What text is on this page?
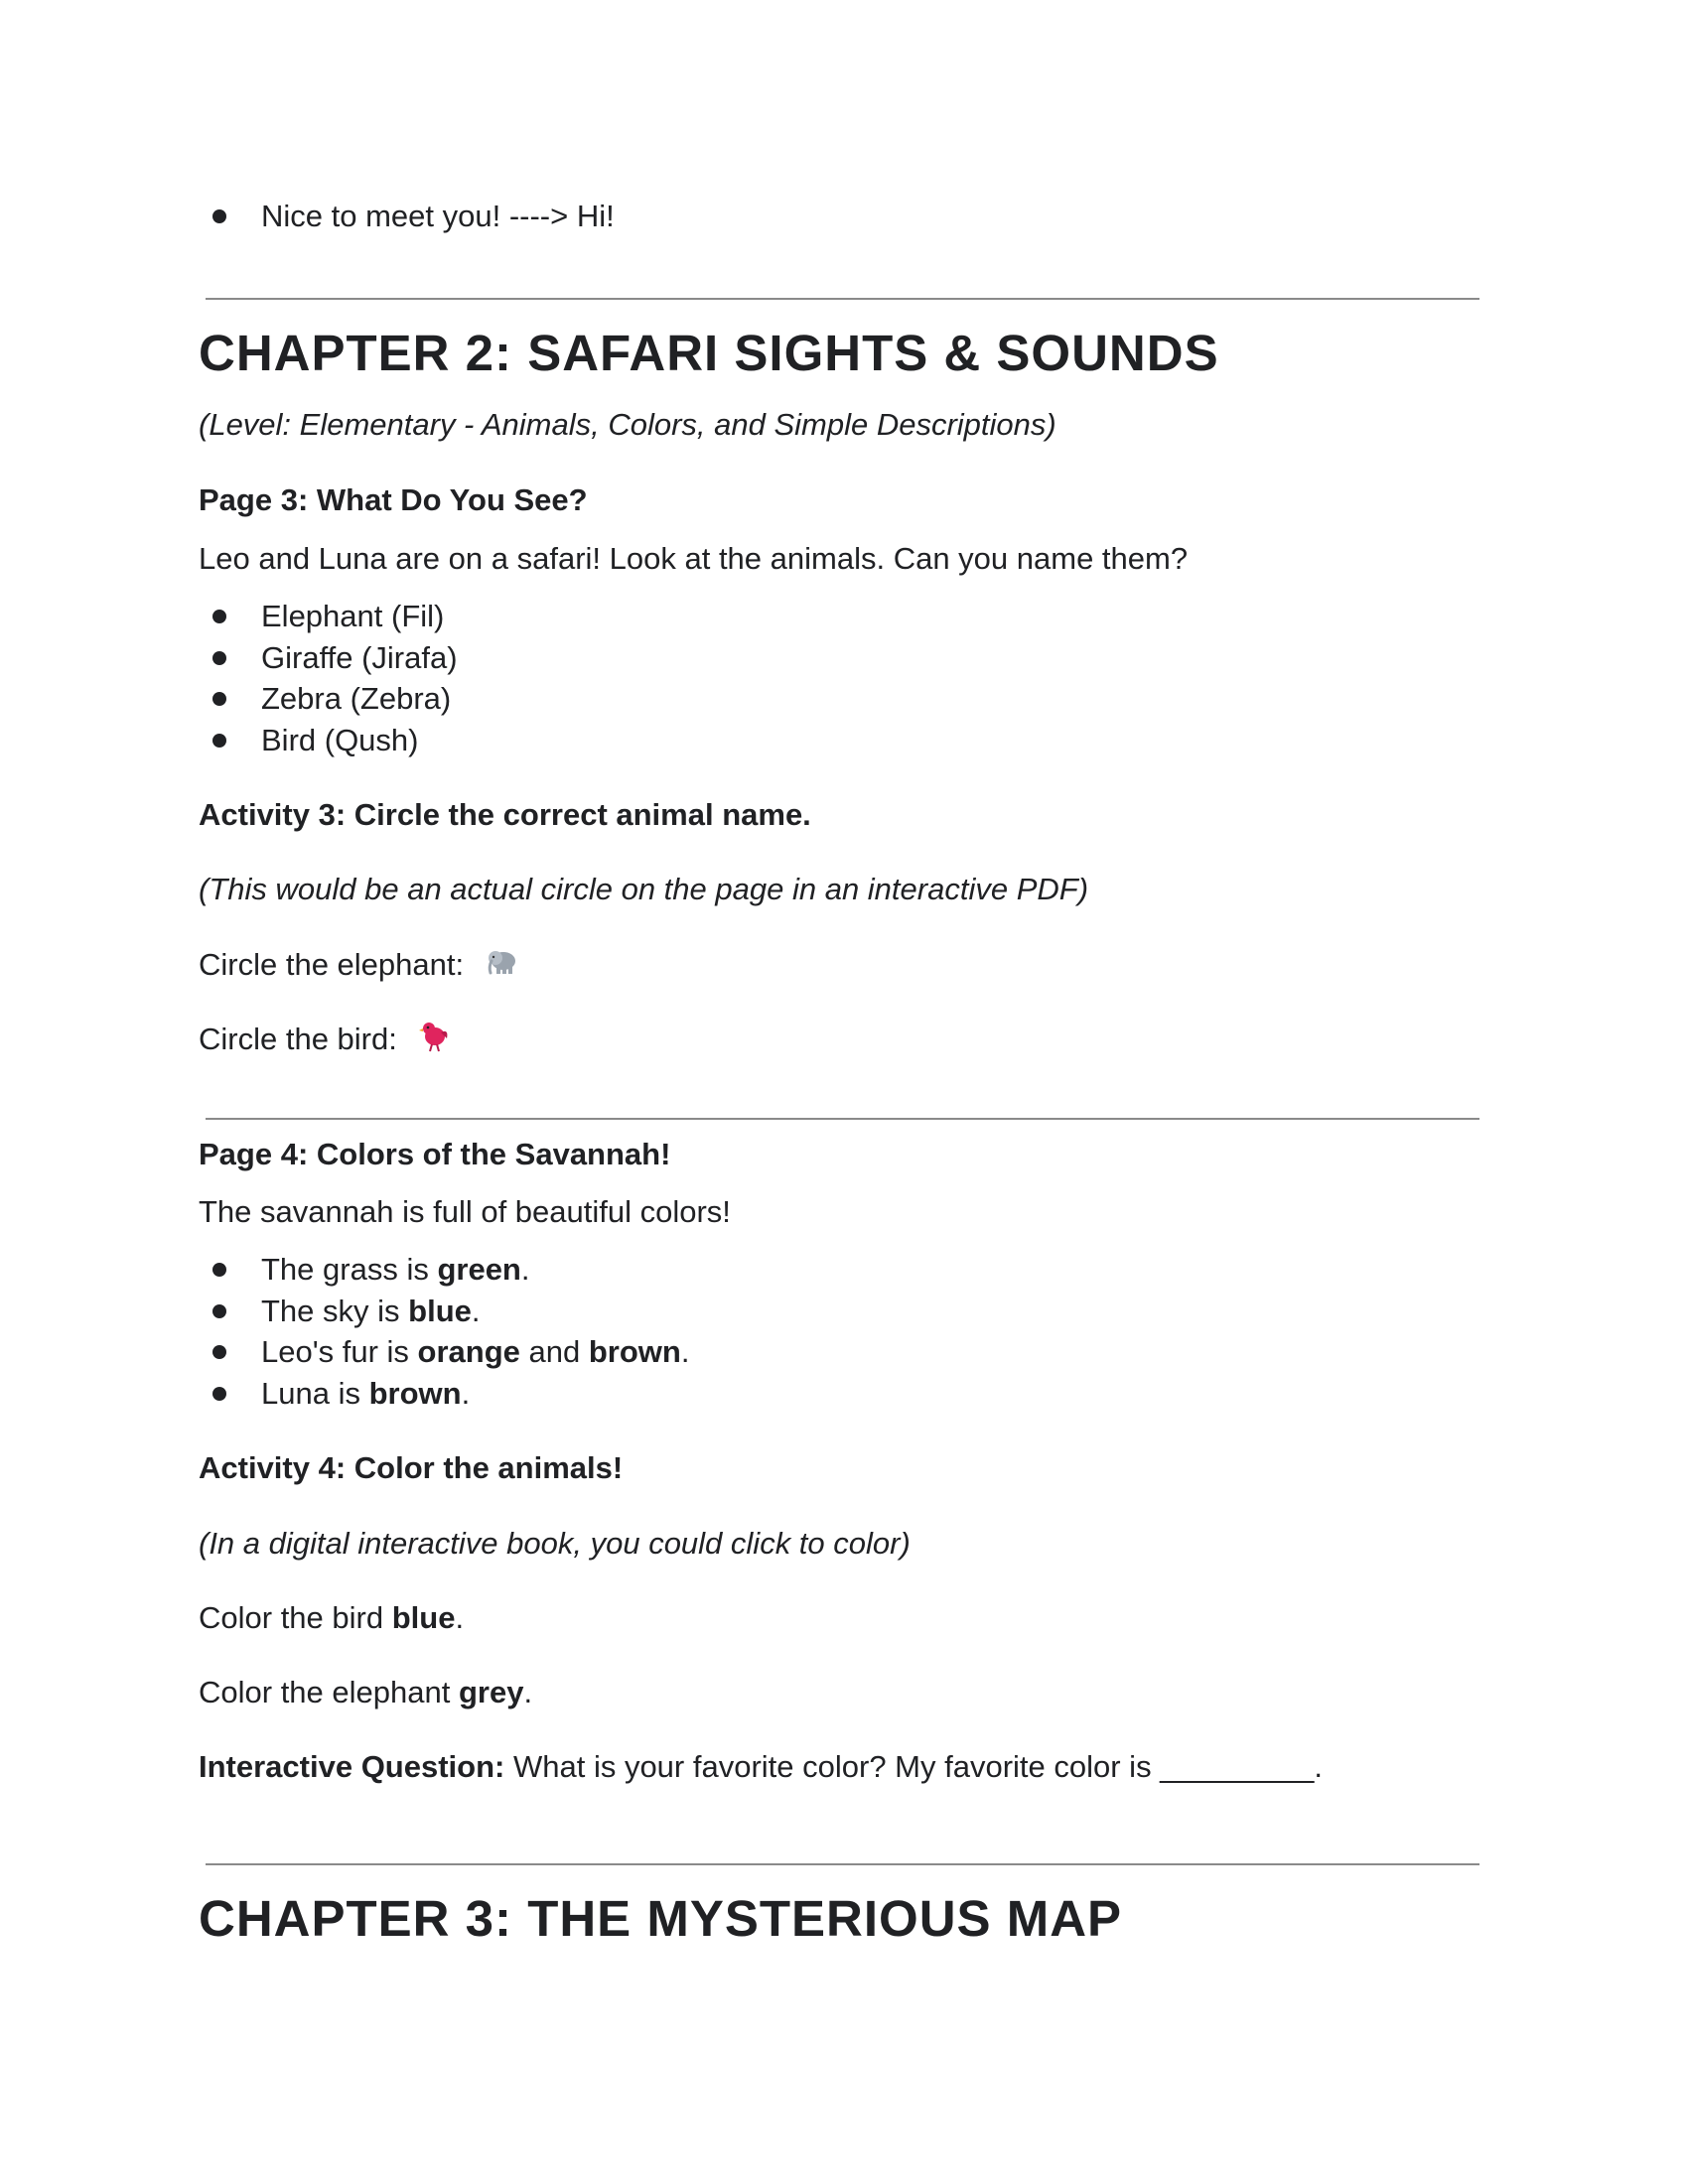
Nice to meet you! ----> Hi!
CHAPTER 2: SAFARI SIGHTS & SOUNDS
(Level: Elementary - Animals, Colors, and Simple Descriptions)
Page 3: What Do You See?
Leo and Luna are on a safari! Look at the animals. Can you name them?
Elephant (Fil)
Giraffe (Jirafa)
Zebra (Zebra)
Bird (Qush)
Activity 3: Circle the correct animal name.
(This would be an actual circle on the page in an interactive PDF)
Circle the elephant:
Circle the bird:
Page 4: Colors of the Savannah!
The savannah is full of beautiful colors!
The grass is green.
The sky is blue.
Leo's fur is orange and brown.
Luna is brown.
Activity 4: Color the animals!
(In a digital interactive book, you could click to color)
Color the bird blue.
Color the elephant grey.
Interactive Question: What is your favorite color? My favorite color is _________.
CHAPTER 3: THE MYSTERIOUS MAP
